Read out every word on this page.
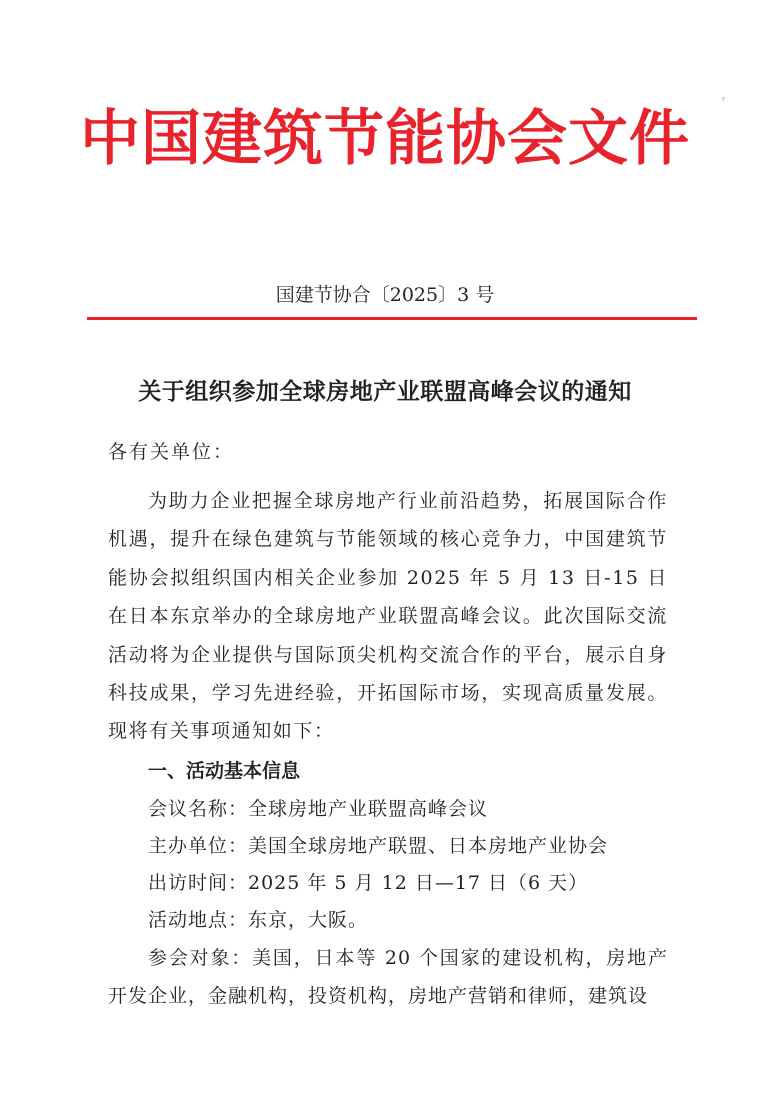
中国建筑节能协会文件
ʳ
国建节协合〔2025〕3 号
关于组织参加全球房地产业联盟高峰会议的通知

各有关单位：

为助力企业把握全球房地产行业前沿趋势，拓展国际合作机遇，提升在绿色建筑与节能领域的核心竞争力，中国建筑节能协会拟组织国内相关企业参加 2025 年 5 月 13 日-15 日在日本东京举办的全球房地产业联盟高峰会议。此次国际交流活动将为企业提供与国际顶尖机构交流合作的平台，展示自身科技成果，学习先进经验，开拓国际市场，实现高质量发展。现将有关事项通知如下：

一、活动基本信息

会议名称：全球房地产业联盟高峰会议

主办单位：美国全球房地产联盟、日本房地产业协会

出访时间：2025 年 5 月 12 日—17 日（6 天）

活动地点：东京，大阪。

参会对象：美国，日本等 20 个国家的建设机构，房地产开发企业，金融机构，投资机构，房地产营销和律师，建筑设
